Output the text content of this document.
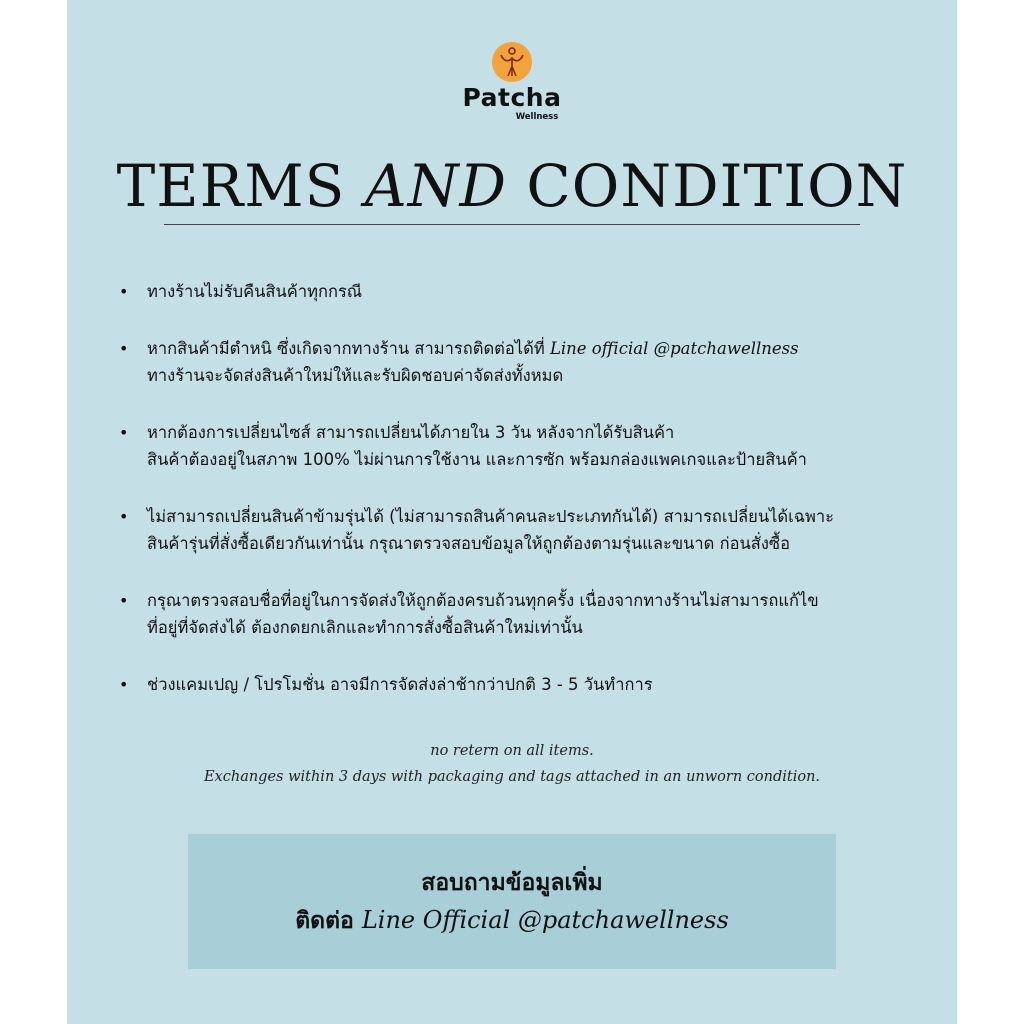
Patcha
Wellness
TERMS AND CONDITION
• ทางร้านไม่รับคืนสินค้าทุกกรณี

• หากสินค้ามีตำหนิ ซึ่งเกิดจากทางร้าน สามารถติดต่อได้ที่ Line official @patchawellness

ทางร้านจะจัดส่งสินค้าใหม่ให้และรับผิดชอบค่าจัดส่งทั้งหมด

• หากต้องการเปลี่ยนไซส์ สามารถเปลี่ยนได้ภายใน 3 วัน หลังจากได้รับสินค้า

สินค้าต้องอยู่ในสภาพ 100% ไม่ผ่านการใช้งาน และการซัก พร้อมกล่องแพคเกจและป้ายสินค้า

• ไม่สามารถเปลี่ยนสินค้าข้ามรุ่นได้ (ไม่สามารถสินค้าคนละประเภทกันได้) สามารถเปลี่ยนได้เฉพาะ

สินค้ารุ่นที่สั่งซื้อเดียวกันเท่านั้น กรุณาตรวจสอบข้อมูลให้ถูกต้องตามรุ่นและขนาด ก่อนสั่งซื้อ

• กรุณาตรวจสอบชื่อที่อยู่ในการจัดส่งให้ถูกต้องครบถ้วนทุกครั้ง เนื่องจากทางร้านไม่สามารถแก้ไข

ที่อยู่ที่จัดส่งได้ ต้องกดยกเลิกและทำการสั่งซื้อสินค้าใหม่เท่านั้น

• ช่วงแคมเปญ / โปรโมชั่น อาจมีการจัดส่งล่าช้ากว่าปกติ 3 - 5 วันทำการ

no retern on all items.
Exchanges within 3 days with packaging and tags attached in an unworn condition.
สอบถามข้อมูลเพิ่ม
ติดต่อ Line Official @patchawellness
